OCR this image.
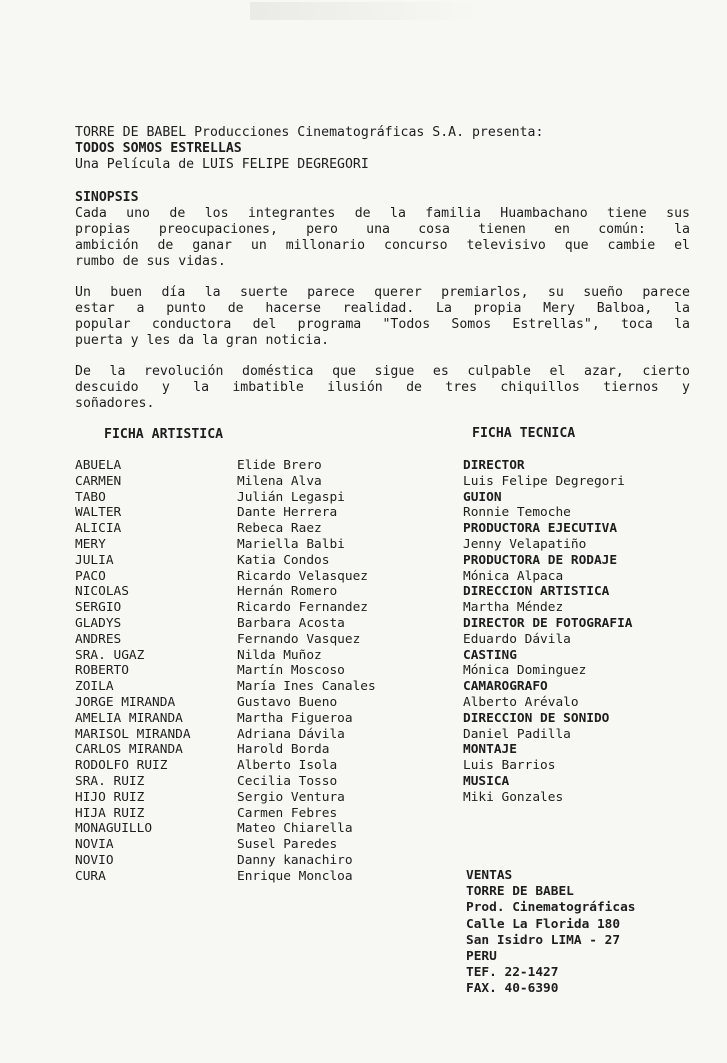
TORRE DE BABEL Producciones Cinematográficas S.A. presenta:
TODOS SOMOS ESTRELLAS
Una Película de LUIS FELIPE DEGREGORI
SINOPSIS
Cada uno de los integrantes de la familia Huambachano tiene sus
propias preocupaciones, pero una cosa tienen en común: la
ambición de ganar un millonario concurso televisivo que cambie el
rumbo de sus vidas.
Un buen día la suerte parece querer premiarlos, su sueño parece
estar a punto de hacerse realidad. La propia Mery Balboa, la
popular conductora del programa "Todos Somos Estrellas", toca la
puerta y les da la gran noticia.
De la revolución doméstica que sigue es culpable el azar, cierto
descuido y la imbatible ilusión de tres chiquillos tiernos y
soñadores.
FICHA ARTISTICA	FICHA TECNICA
ABUELA	Elide Brero
CARMEN	Milena Alva
TABO	Julián Legaspi
WALTER	Dante Herrera
ALICIA	Rebeca Raez
MERY	Mariella Balbi
JULIA	Katia Condos
PACO	Ricardo Velasquez
NICOLAS	Hernán Romero
SERGIO	Ricardo Fernandez
GLADYS	Barbara Acosta
ANDRES	Fernando Vasquez
SRA. UGAZ	Nilda Muñoz
ROBERTO	Martín Moscoso
ZOILA	María Ines Canales
JORGE MIRANDA	Gustavo Bueno
AMELIA MIRANDA	Martha Figueroa
MARISOL MIRANDA	Adriana Dávila
CARLOS MIRANDA	Harold Borda
RODOLFO RUIZ	Alberto Isola
SRA. RUIZ	Cecilia Tosso
HIJO RUIZ	Sergio Ventura
HIJA RUIZ	Carmen Febres
MONAGUILLO	Mateo Chiarella
NOVIA	Susel Paredes
NOVIO	Danny kanachiro
CURA	Enrique Moncloa
DIRECTOR
Luis Felipe Degregori
GUION
Ronnie Temoche
PRODUCTORA EJECUTIVA
Jenny Velapatiño
PRODUCTORA DE RODAJE
Mónica Alpaca
DIRECCION ARTISTICA
Martha Méndez
DIRECTOR DE FOTOGRAFIA
Eduardo Dávila
CASTING
Mónica Dominguez
CAMAROGRAFO
Alberto Arévalo
DIRECCION DE SONIDO
Daniel Padilla
MONTAJE
Luis Barrios
MUSICA
Miki Gonzales
VENTAS
TORRE DE BABEL
Prod. Cinematográficas
Calle La Florida 180
San Isidro LIMA - 27
PERU
TEF. 22-1427
FAX. 40-6390
